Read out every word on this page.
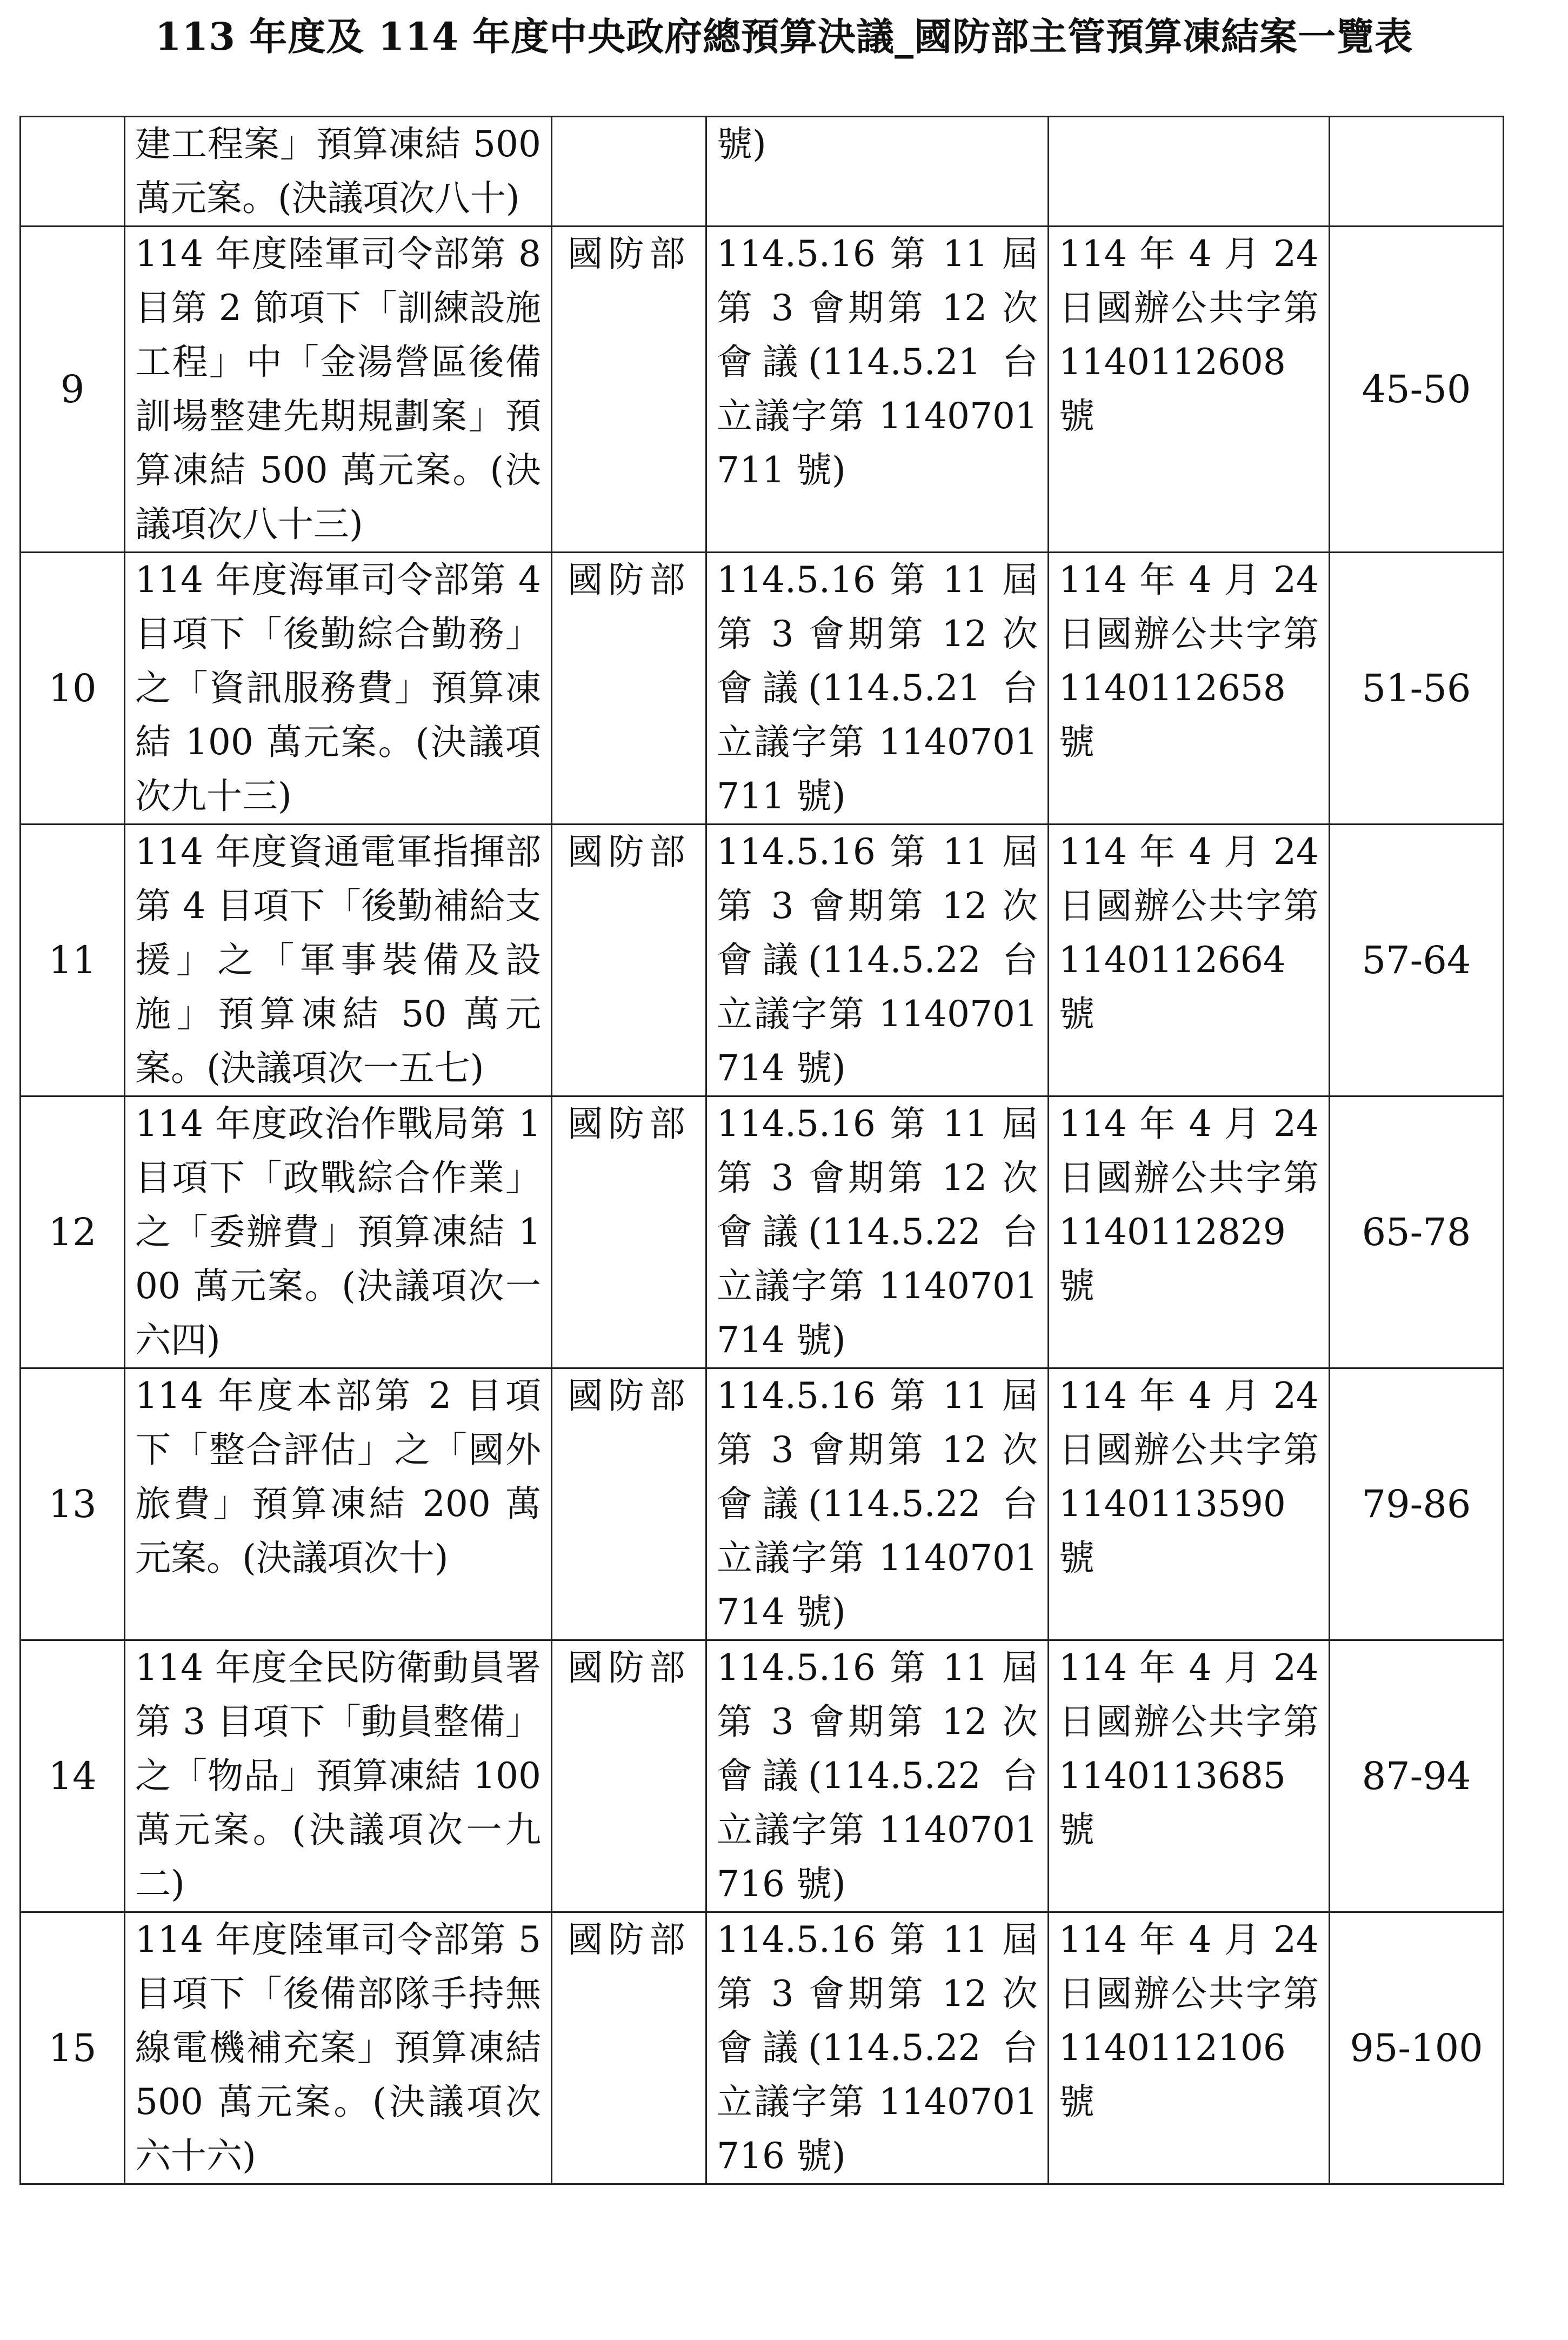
113 年度及 114 年度中央政府總預算決議_國防部主管預算凍結案一覽表
	建工程案」預算凍結 500 萬元案。(決議項次八十)		號)		
9	114 年度陸軍司令部第 8 目第 2 節項下「訓練設施工程」中「金湯營區後備訓場整建先期規劃案」預算凍結 500 萬元案。(決議項次八十三)	國防部	114.5.16 第 11 屆第 3 會期第 12 次會議(114.5.21 台立議字第 1140701711 號)	114 年 4 月 24 日國辦公共字第 1140112608 號	45-50
10	114 年度海軍司令部第 4 目項下「後勤綜合勤務」之「資訊服務費」預算凍結 100 萬元案。(決議項次九十三)	國防部	114.5.16 第 11 屆第 3 會期第 12 次會議(114.5.21 台立議字第 1140701711 號)	114 年 4 月 24 日國辦公共字第 1140112658 號	51-56
11	114 年度資通電軍指揮部第 4 目項下「後勤補給支援」之「軍事裝備及設施」預算凍結 50 萬元案。(決議項次一五七)	國防部	114.5.16 第 11 屆第 3 會期第 12 次會議(114.5.22 台立議字第 1140701714 號)	114 年 4 月 24 日國辦公共字第 1140112664 號	57-64
12	114 年度政治作戰局第 1 目項下「政戰綜合作業」之「委辦費」預算凍結 100 萬元案。(決議項次一六四)	國防部	114.5.16 第 11 屆第 3 會期第 12 次會議(114.5.22 台立議字第 1140701714 號)	114 年 4 月 24 日國辦公共字第 1140112829 號	65-78
13	114 年度本部第 2 目項下「整合評估」之「國外旅費」預算凍結 200 萬元案。(決議項次十)	國防部	114.5.16 第 11 屆第 3 會期第 12 次會議(114.5.22 台立議字第 1140701714 號)	114 年 4 月 24 日國辦公共字第 1140113590 號	79-86
14	114 年度全民防衛動員署第 3 目項下「動員整備」之「物品」預算凍結 100 萬元案。(決議項次一九二)	國防部	114.5.16 第 11 屆第 3 會期第 12 次會議(114.5.22 台立議字第 1140701716 號)	114 年 4 月 24 日國辦公共字第 1140113685 號	87-94
15	114 年度陸軍司令部第 5 目項下「後備部隊手持無線電機補充案」預算凍結 500 萬元案。(決議項次六十六)	國防部	114.5.16 第 11 屆第 3 會期第 12 次會議(114.5.22 台立議字第 1140701716 號)	114 年 4 月 24 日國辦公共字第 1140112106 號	95-100
